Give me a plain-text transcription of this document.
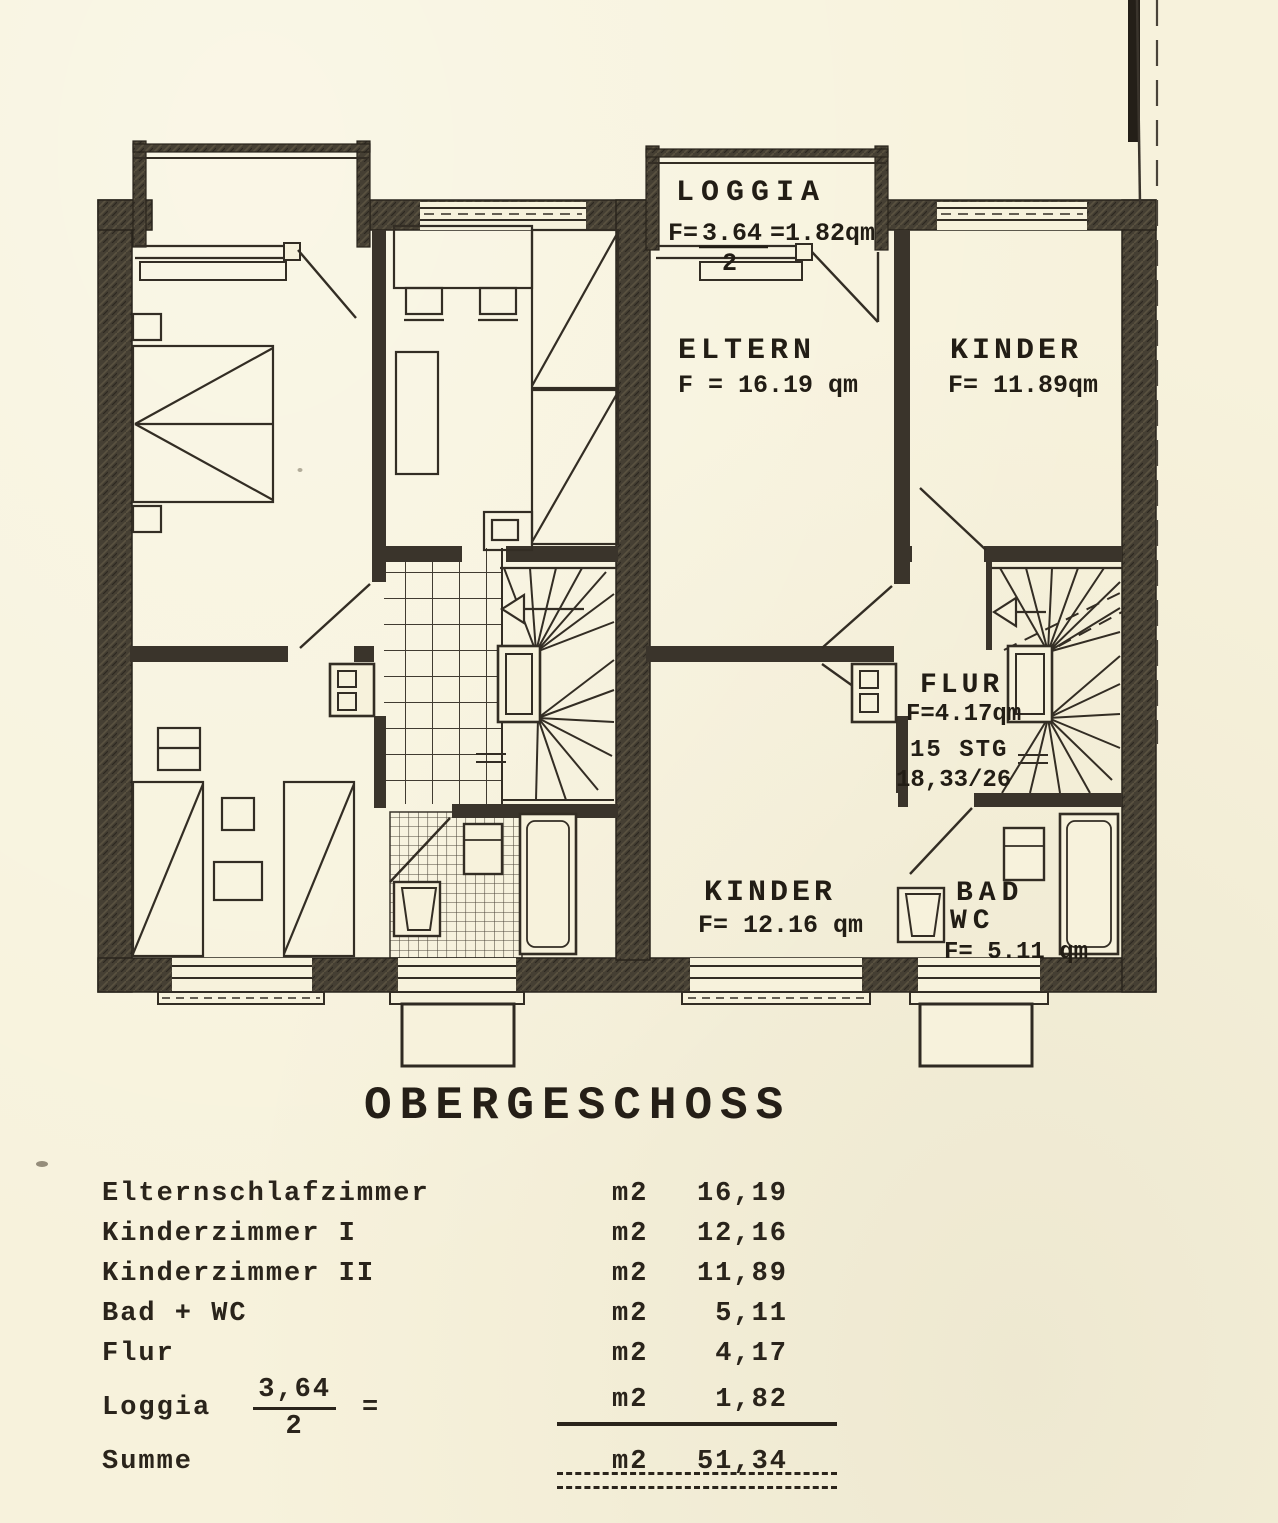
LOGGIA
F= 3.64 =1.82qm
2
ELTERN
F = 16.19 qm
KINDER
F= 11.89qm
FLUR
F=4.17qm
15 STG
18,33/26
KINDER
F= 12.16 qm
BAD
WC
F= 5.11 qm
OBERGESCHOSS
Elternschlafzimmer	m2	16,19
Kinderzimmer I	m2	12,16
Kinderzimmer II	m2	11,89
Bad + WC	m2	5,11
Flur	m2	4,17
Loggia $\frac{3,64}{2}$ =	m2	1,82
Summe	m2	51,34
